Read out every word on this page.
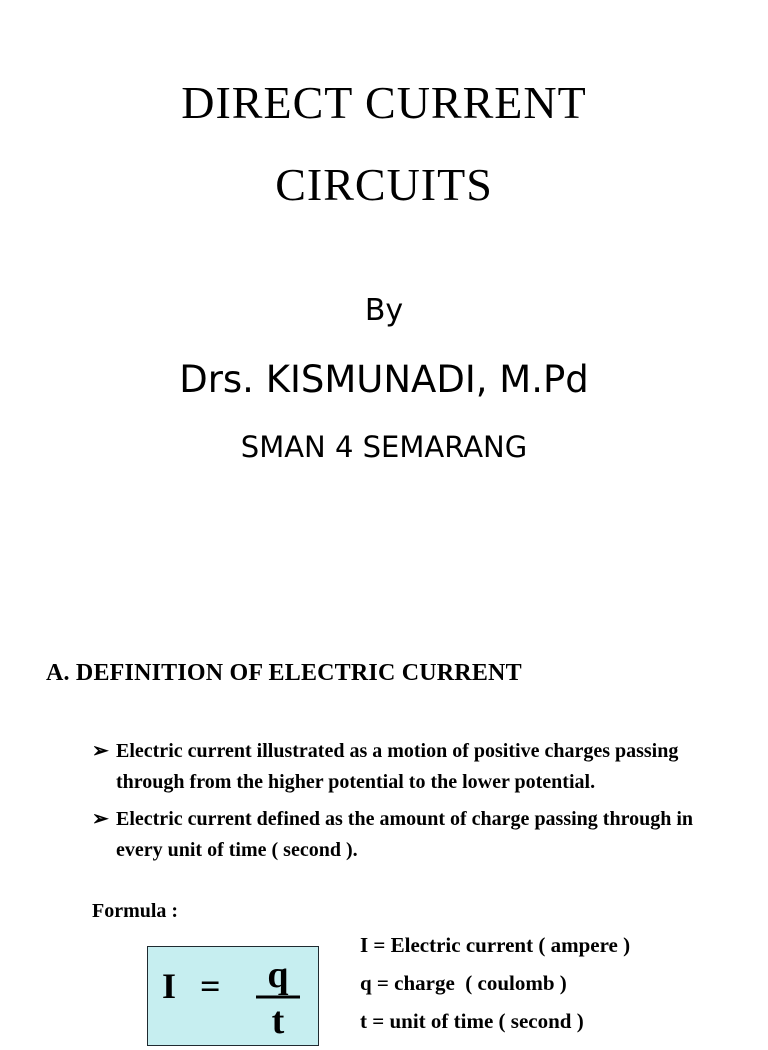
DIRECT CURRENT
CIRCUITS
By
Drs. KISMUNADI, M.Pd
SMAN 4 SEMARANG
A. DEFINITION OF ELECTRIC CURRENT
➢ Electric current illustrated as a motion of positive charges passing through from the higher potential to the lower potential.
➢ Electric current defined as the amount of charge passing through in every unit of time ( second ).
Formula :
I = q
t
I = Electric current ( ampere )
q = charge  ( coulomb )
t = unit of time ( second )
